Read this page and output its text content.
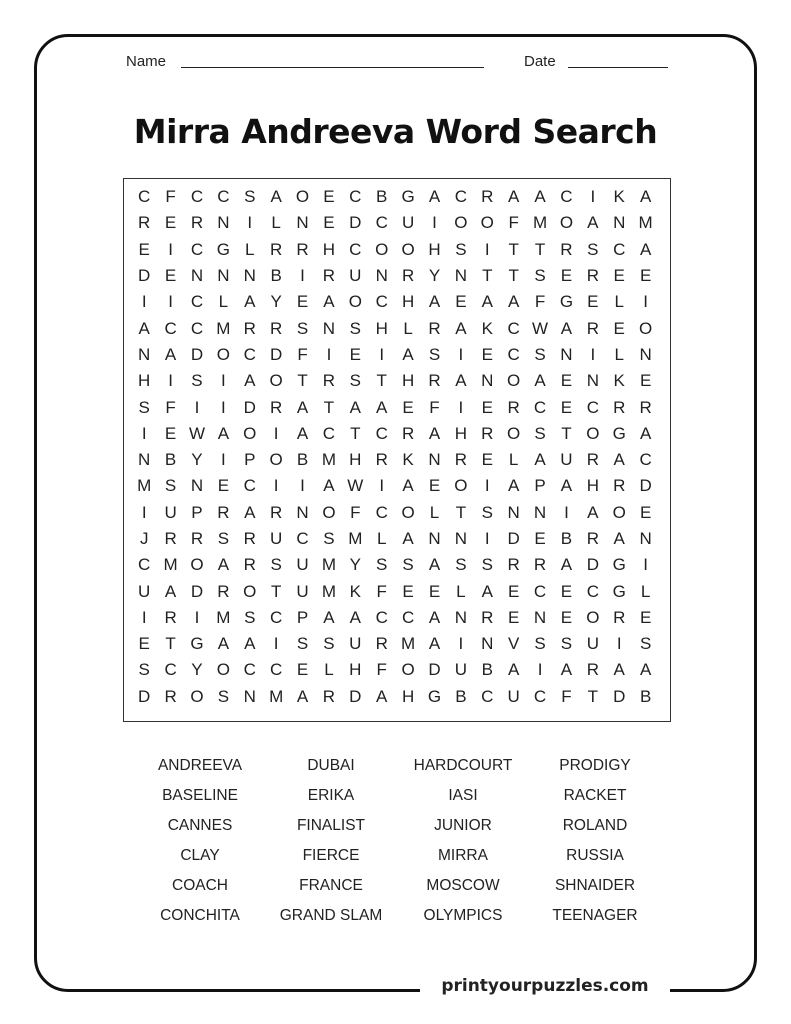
Name	Date
Mirra Andreeva Word Search
C F C C S A O E C B G A C R A A C	I	K A
R E R N	I	L N E D C U	I	O O F M O A N M
E	I	C G L R R H C O O H S	I	T T R S C A
D E N N N B	I	R U N R Y N T T S E R E E
I	I	C L A Y E A O C H A E A A F G E L	I
A C C M R R S N S H L R A K C W A R E O
N A D O C D F	I	E	I	A S	I	E C S N	I	L N
H	I	S	I	A O T R S T H R A N O A E N K E
S F	I	I	D R A T A A E F	I	E R C E C R R
I	E W A O	I	A C T C R A H R O S T O G A
N B Y	I	P O B M H R K N R E L A U R A C
M S N E C	I	I	A W I	A E O	I	A P A H R D
I	U P R A R N O F C O L T S N N	I	A O E
J R R S R U C S M L A N N	I	D E B R A N
C M O A R S U M Y S S A S S R R A D G	I
U A D R O T U M K F E E L A E C E C G L
I	R	I M S C P A A C C A N R E N E O R E
E T G A A	I	S S U R M A	I	N V S S U	I	S
S C Y O C C E L H F O D U B A	I	A R A A
D R O S N M A R D A H G B C U C F T D B
ANDREEVA	DUBAI	HARDCOURT	PRODIGY
BASELINE	ERIKA	IASI	RACKET
CANNES	FINALIST	JUNIOR	ROLAND
CLAY	FIERCE	MIRRA	RUSSIA
COACH	FRANCE	MOSCOW	SHNAIDER
CONCHITA	GRAND SLAM	OLYMPICS	TEENAGER
printyourpuzzles.com
